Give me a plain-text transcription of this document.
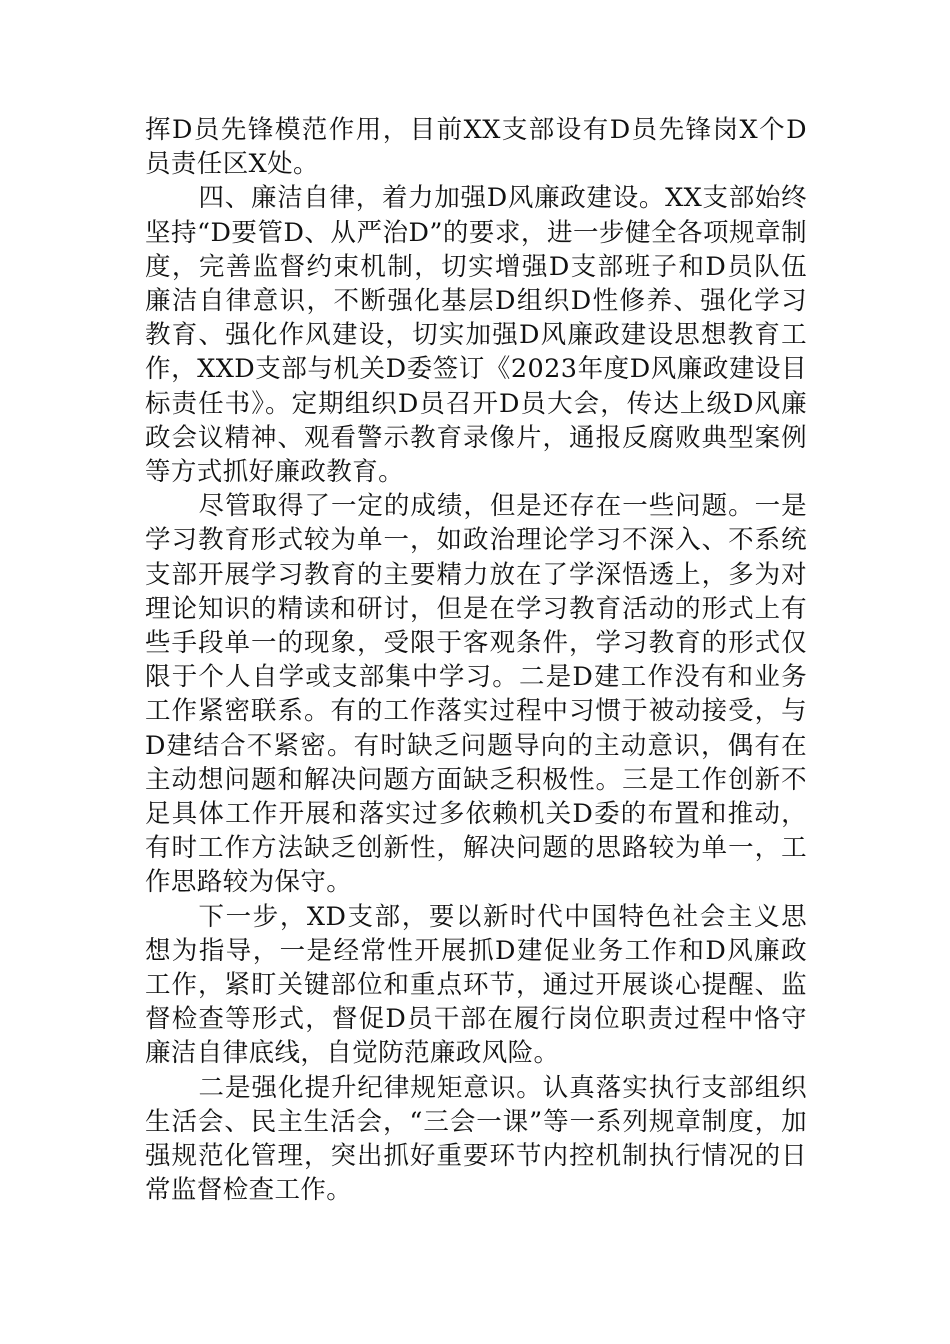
挥D员先锋模范作用，目前XX支部设有D员先锋岗X个D员责任区X处。

四、廉洁自律，着力加强D风廉政建设。XX支部始终坚持“D要管D、从严治D”的要求，进一步健全各项规章制度，完善监督约束机制，切实增强D支部班子和D员队伍廉洁自律意识，不断强化基层D组织D性修养、强化学习教育、强化作风建设，切实加强D风廉政建设思想教育工作，XXD支部与机关D委签订《2023年度D风廉政建设目标责任书》。定期组织D员召开D员大会，传达上级D风廉政会议精神、观看警示教育录像片，通报反腐败典型案例等方式抓好廉政教育。

尽管取得了一定的成绩，但是还存在一些问题。一是学习教育形式较为单一，如政治理论学习不深入、不系统支部开展学习教育的主要精力放在了学深悟透上，多为对理论知识的精读和研讨，但是在学习教育活动的形式上有些手段单一的现象，受限于客观条件，学习教育的形式仅限于个人自学或支部集中学习。二是D建工作没有和业务工作紧密联系。有的工作落实过程中习惯于被动接受，与D建结合不紧密。有时缺乏问题导向的主动意识，偶有在主动想问题和解决问题方面缺乏积极性。三是工作创新不足具体工作开展和落实过多依赖机关D委的布置和推动，有时工作方法缺乏创新性，解决问题的思路较为单一，工作思路较为保守。

下一步，XD支部，要以新时代中国特色社会主义思想为指导，一是经常性开展抓D建促业务工作和D风廉政工作，紧盯关键部位和重点环节，通过开展谈心提醒、监督检查等形式，督促D员干部在履行岗位职责过程中恪守廉洁自律底线，自觉防范廉政风险。

二是强化提升纪律规矩意识。认真落实执行支部组织生活会、民主生活会，“三会一课”等一系列规章制度，加强规范化管理，突出抓好重要环节内控机制执行情况的日常监督检查工作。
